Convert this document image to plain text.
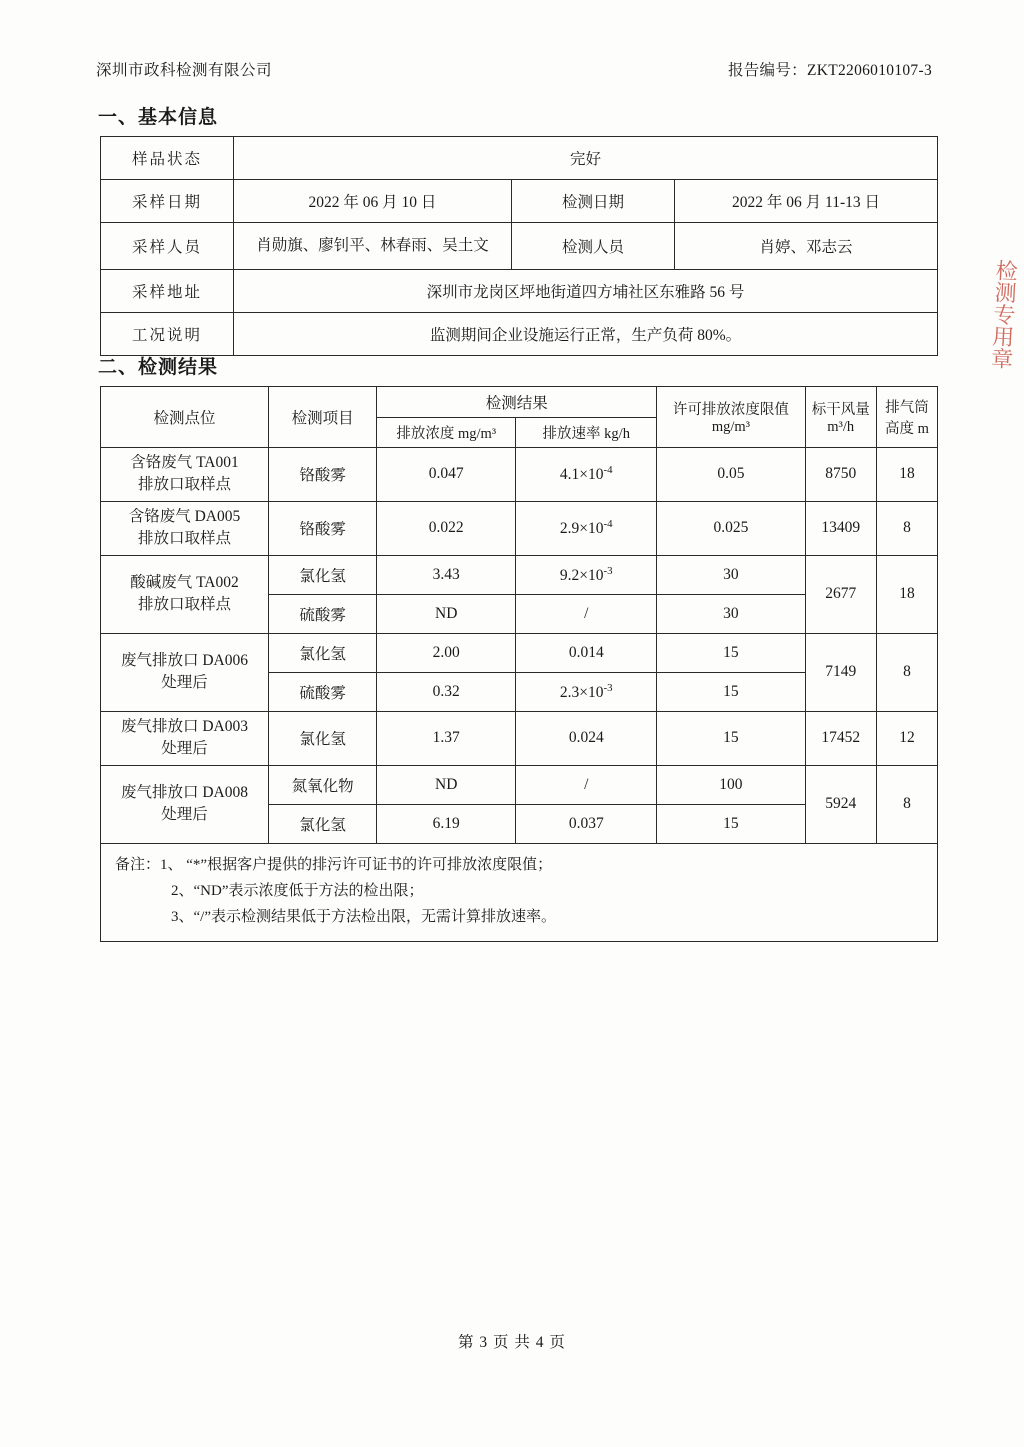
深圳市政科检测有限公司	报告编号：ZKT2206010107-3
一、基本信息
样品状态	完好		
采样日期	2022 年 06 月 10 日	检测日期	2022 年 06 月 11-13 日
采样人员	肖勋旗、廖钊平、林春雨、吴土文	检测人员	肖婷、邓志云
采样地址	深圳市龙岗区坪地街道四方埔社区东雅路 56 号		
工况说明	监测期间企业设施运行正常，生产负荷 80%。		
二、检测结果
检测点位	检测项目	检测结果		许可排放浓度限值 mg/m³	标干风量 m³/h	排气筒高度 m
		排放浓度 mg/m³	排放速率 kg/h			

含铬废气 TA001
排放口取样点	铬酸雾	0.047	$4.1\times 10^{-4}$	0.05	8750	18

含铬废气 DA005
排放口取样点	铬酸雾	0.022	$2.9\times 10^{-4}$	0.025	13409	8

酸碱废气 TA002
排放口取样点	氯化氢	3.43	$9.2\times 10^{-3}$	30	2677	18
	硫酸雾	ND	/	30		

废气排放口 DA006
处理后	氯化氢	2.00	0.014	15	7149	8
	硫酸雾	0.32	$2.3\times 10^{-3}$	15		

废气排放口 DA003
处理后	氯化氢	1.37	0.024	15	17452	12

废气排放口 DA008
处理后	氮氧化物	ND	/	100	5924	8
	氯化氢	6.19	0.037	15		

备注：1、 “*”根据客户提供的排污许可证书的许可排放浓度限值；
2、“ND”表示浓度低于方法的检出限；
3、“/”表示检测结果低于方法检出限，无需计算排放速率。						
检测专用章
第 3 页 共 4 页
